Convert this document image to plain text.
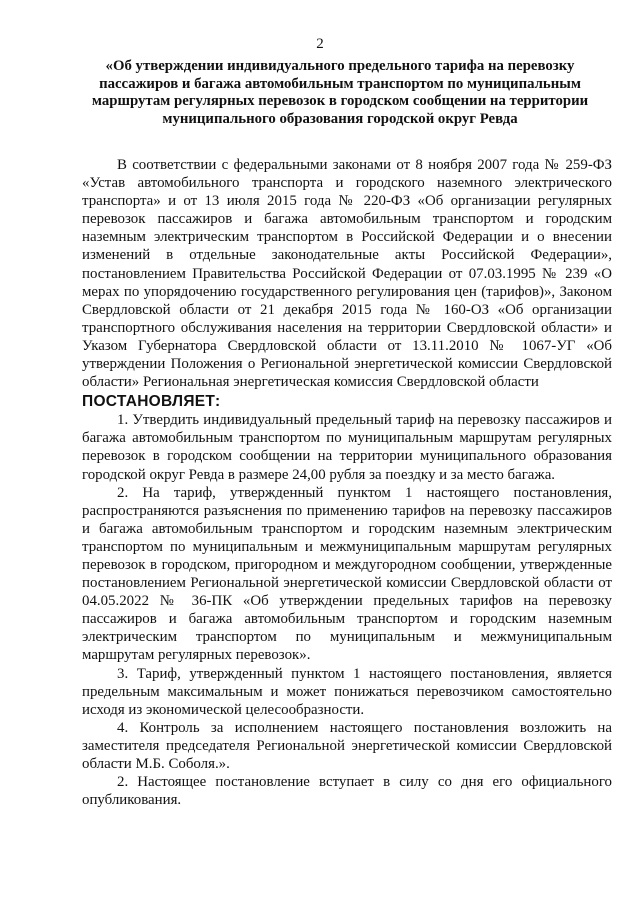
2
«Об утверждении индивидуального предельного тарифа на перевозку пассажиров и багажа автомобильным транспортом по муниципальным маршрутам регулярных перевозок в городском сообщении на территории муниципального образования городской округ Ревда

В соответствии с федеральными законами от 8 ноября 2007 года № 259-ФЗ «Устав автомобильного транспорта и городского наземного электрического транспорта» и от 13 июля 2015 года № 220-ФЗ «Об организации регулярных перевозок пассажиров и багажа автомобильным транспортом и городским наземным электрическим транспортом в Российской Федерации и о внесении изменений в отдельные законодательные акты Российской Федерации», постановлением Правительства Российской Федерации от 07.03.1995 № 239 «О мерах по упорядочению государственного регулирования цен (тарифов)», Законом Свердловской области от 21 декабря 2015 года № 160-ОЗ «Об организации транспортного обслуживания населения на территории Свердловской области» и Указом Губернатора Свердловской области от 13.11.2010 № 1067-УГ «Об утверждении Положения о Региональной энергетической комиссии Свердловской области» Региональная энергетическая комиссия Свердловской области

ПОСТАНОВЛЯЕТ:

1. Утвердить индивидуальный предельный тариф на перевозку пассажиров и багажа автомобильным транспортом по муниципальным маршрутам регулярных перевозок в городском сообщении на территории муниципального образования городской округ Ревда в размере 24,00 рубля за поездку и за место багажа.

2. На тариф, утвержденный пунктом 1 настоящего постановления, распространяются разъяснения по применению тарифов на перевозку пассажиров и багажа автомобильным транспортом и городским наземным электрическим транспортом по муниципальным и межмуниципальным маршрутам регулярных перевозок в городском, пригородном и междугородном сообщении, утвержденные постановлением Региональной энергетической комиссии Свердловской области от 04.05.2022 № 36-ПК «Об утверждении предельных тарифов на перевозку пассажиров и багажа автомобильным транспортом и городским наземным электрическим транспортом по муниципальным и межмуниципальным маршрутам регулярных перевозок».

3. Тариф, утвержденный пунктом 1 настоящего постановления, является предельным максимальным и может понижаться перевозчиком самостоятельно исходя из экономической целесообразности.

4. Контроль за исполнением настоящего постановления возложить на заместителя председателя Региональной энергетической комиссии Свердловской области М.Б. Соболя.».

2. Настоящее постановление вступает в силу со дня его официального опубликования.
